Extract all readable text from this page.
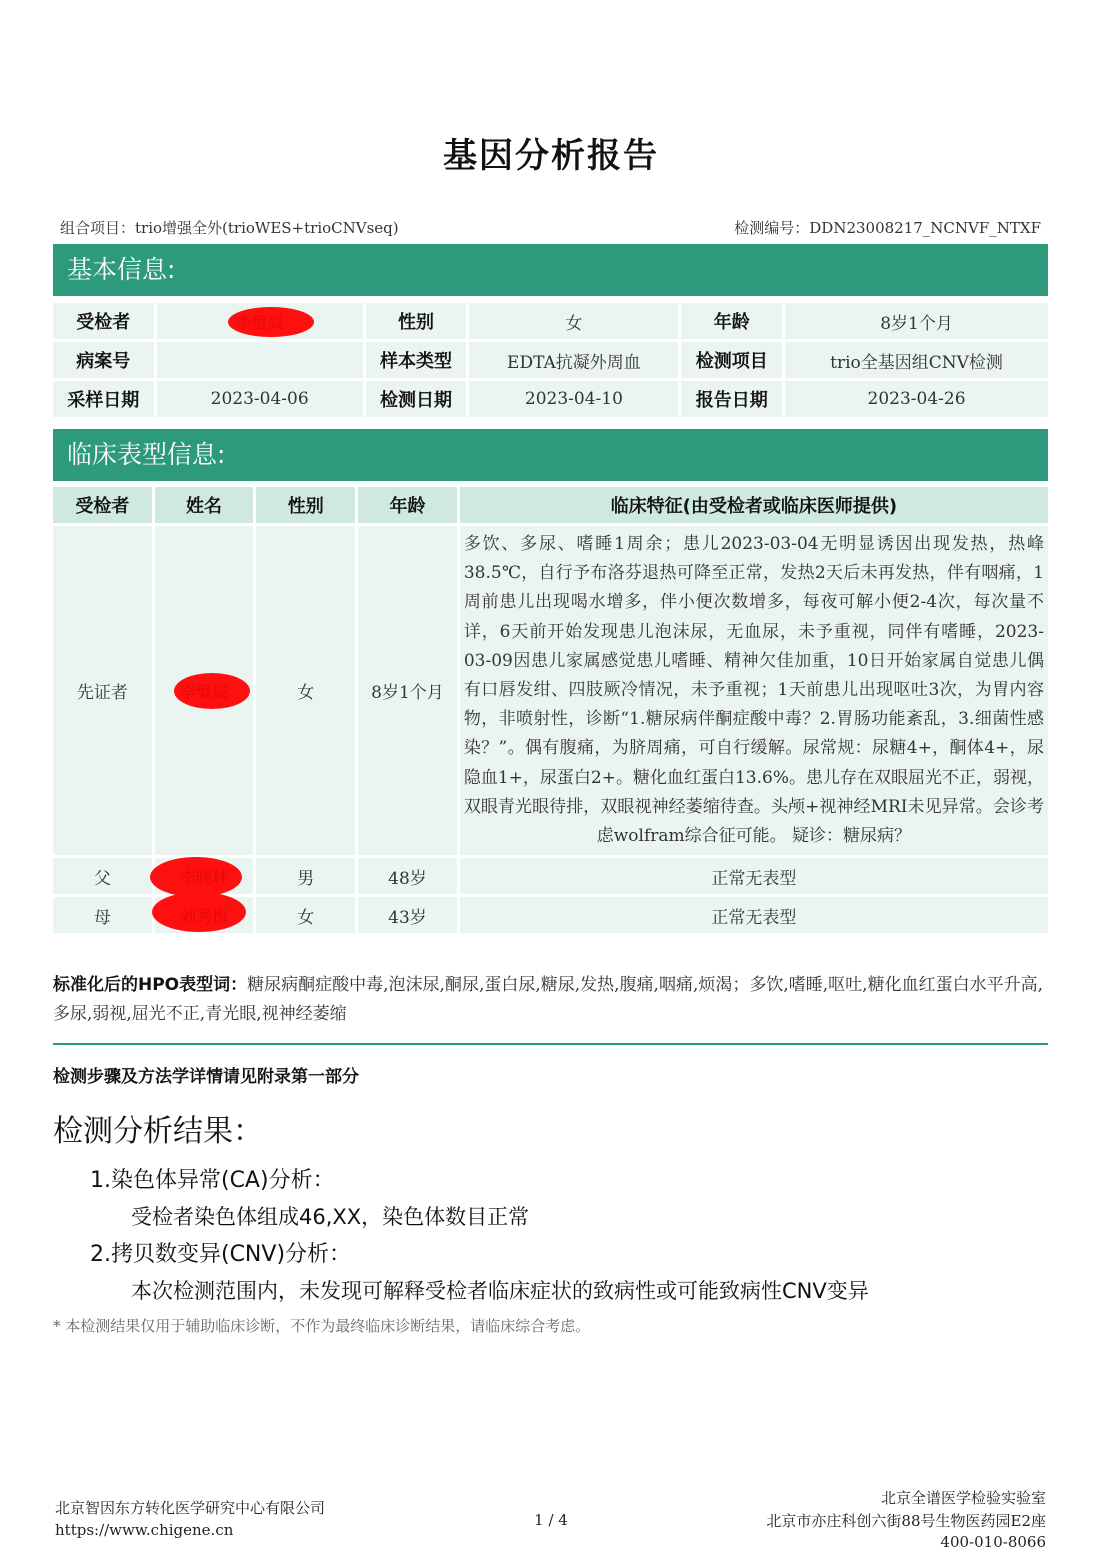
基因分析报告
组合项目：trio增强全外(trioWES+trioCNVseq)	检测编号：DDN23008217_NCNVF_NTXF
基本信息:
受检者	李璧辰	性别	女	年龄	8岁1个月
病案号		样本类型	EDTA抗凝外周血	检测项目	trio全基因组CNV检测
采样日期	2023-04-06	检测日期	2023-04-10	报告日期	2023-04-26
临床表型信息:
受检者	姓名	性别	年龄	临床特征(由受检者或临床医师提供)
先证者	李璧辰	女	8岁1个月	多饮、多尿、嗜睡1周余；患儿2023-03-04无明显诱因出现发热，热峰38.5℃，自行予布洛芬退热可降至正常，发热2天后未再发热，伴有咽痛，1周前患儿出现喝水增多，伴小便次数增多，每夜可解小便2-4次，每次量不详，6天前开始发现患儿泡沫尿，无血尿，未予重视，同伴有嗜睡，2023-03-09因患儿家属感觉患儿嗜睡、精神欠佳加重，10日开始家属自觉患儿偶有口唇发绀、四肢厥冷情况，未予重视；1天前患儿出现呕吐3次，为胃内容物，非喷射性，诊断“1.糖尿病伴酮症酸中毒？2.胃肠功能紊乱，3.细菌性感染？”。偶有腹痛，为脐周痛，可自行缓解。尿常规：尿糖4+，酮体4+，尿隐血1+，尿蛋白2+。糖化血红蛋白13.6%。患儿存在双眼屈光不正，弱视，双眼青光眼待排，双眼视神经萎缩待查。头颅+视神经MRI未见异常。会诊考虑wolfram综合征可能。 疑诊：糖尿病？
父	李晓林	男	48岁	正常无表型
母	刘秀梅	女	43岁	正常无表型
标准化后的HPO表型词：糖尿病酮症酸中毒,泡沫尿,酮尿,蛋白尿,糖尿,发热,腹痛,咽痛,烦渴；多饮,嗜睡,呕吐,糖化血红蛋白水平升高,多尿,弱视,屈光不正,青光眼,视神经萎缩
检测步骤及方法学详情请见附录第一部分
检测分析结果：
1.染色体异常(CA)分析：
受检者染色体组成46,XX，染色体数目正常
2.拷贝数变异(CNV)分析：
本次检测范围内，未发现可解释受检者临床症状的致病性或可能致病性CNV变异
* 本检测结果仅用于辅助临床诊断，不作为最终临床诊断结果，请临床综合考虑。
北京智因东方转化医学研究中心有限公司
https://www.chigene.cn
1 / 4
北京全谱医学检验实验室
北京市亦庄科创六街88号生物医药园E2座
400-010-8066
